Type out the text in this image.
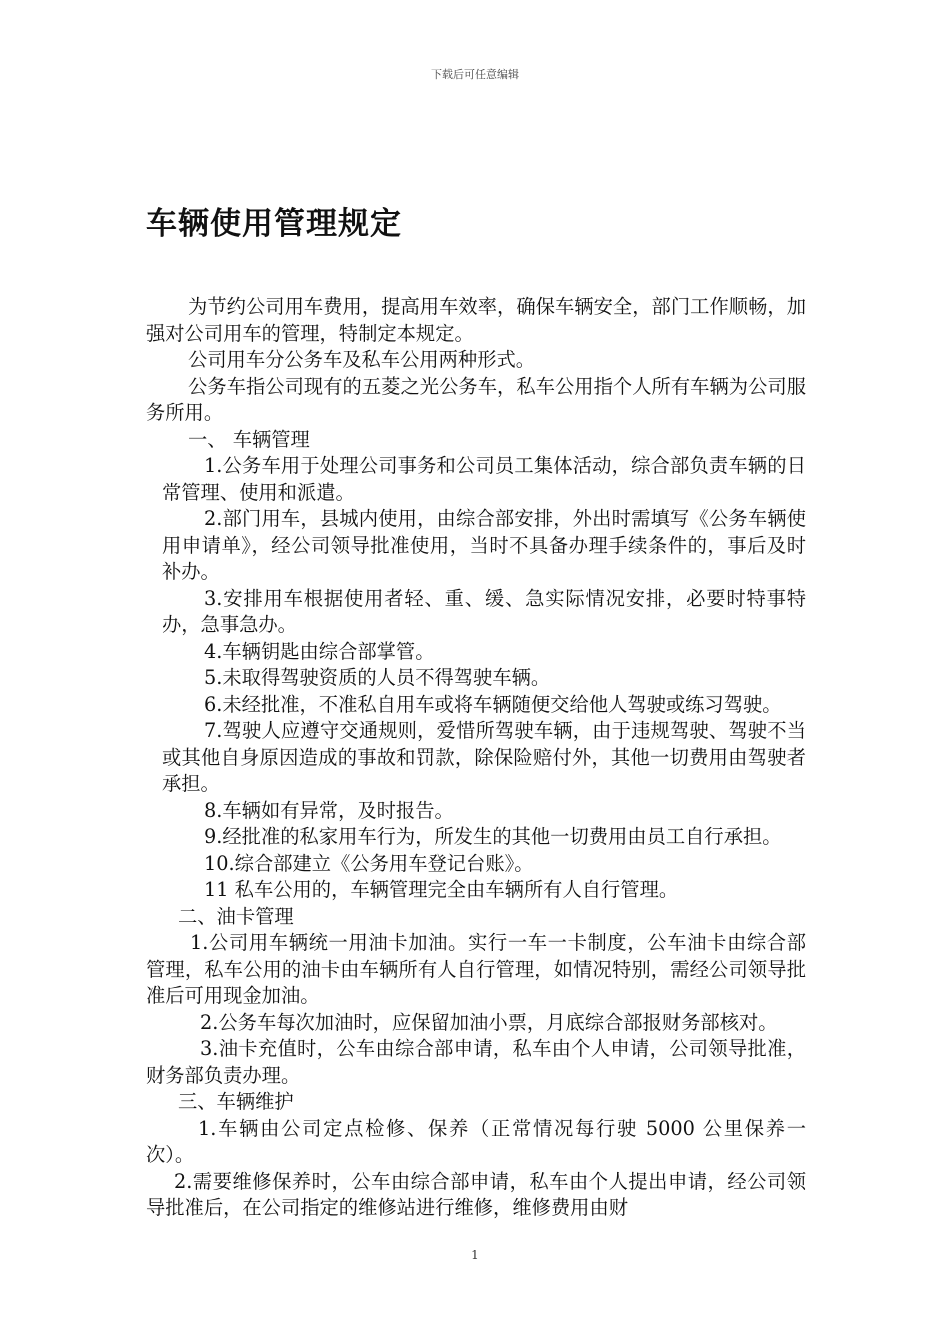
下载后可任意编辑
车辆使用管理规定

为节约公司用车费用，提高用车效率，确保车辆安全，部门工作顺畅，加强对公司用车的管理，特制定本规定。

公司用车分公务车及私车公用两种形式。

公务车指公司现有的五菱之光公务车，私车公用指个人所有车辆为公司服务所用。

一、 车辆管理

1.公务车用于处理公司事务和公司员工集体活动，综合部负责车辆的日常管理、使用和派遣。

2.部门用车，县城内使用，由综合部安排，外出时需填写《公务车辆使用申请单》，经公司领导批准使用，当时不具备办理手续条件的，事后及时补办。

3.安排用车根据使用者轻、重、缓、急实际情况安排，必要时特事特办，急事急办。

4.车辆钥匙由综合部掌管。

5.未取得驾驶资质的人员不得驾驶车辆。

6.未经批准，不准私自用车或将车辆随便交给他人驾驶或练习驾驶。

7.驾驶人应遵守交通规则，爱惜所驾驶车辆，由于违规驾驶、驾驶不当或其他自身原因造成的事故和罚款，除保险赔付外，其他一切费用由驾驶者承担。

8.车辆如有异常，及时报告。

9.经批准的私家用车行为，所发生的其他一切费用由员工自行承担。

10.综合部建立《公务用车登记台账》。

11 私车公用的，车辆管理完全由车辆所有人自行管理。

二、油卡管理

1.公司用车辆统一用油卡加油。实行一车一卡制度，公车油卡由综合部管理，私车公用的油卡由车辆所有人自行管理，如情况特别，需经公司领导批准后可用现金加油。

2.公务车每次加油时，应保留加油小票，月底综合部报财务部核对。

3.油卡充值时，公车由综合部申请，私车由个人申请，公司领导批准，财务部负责办理。

三、车辆维护

1.车辆由公司定点检修、保养（正常情况每行驶 5000 公里保养一次）。

2.需要维修保养时，公车由综合部申请，私车由个人提出申请，经公司领导批准后，在公司指定的维修站进行维修，维修费用由财

1
